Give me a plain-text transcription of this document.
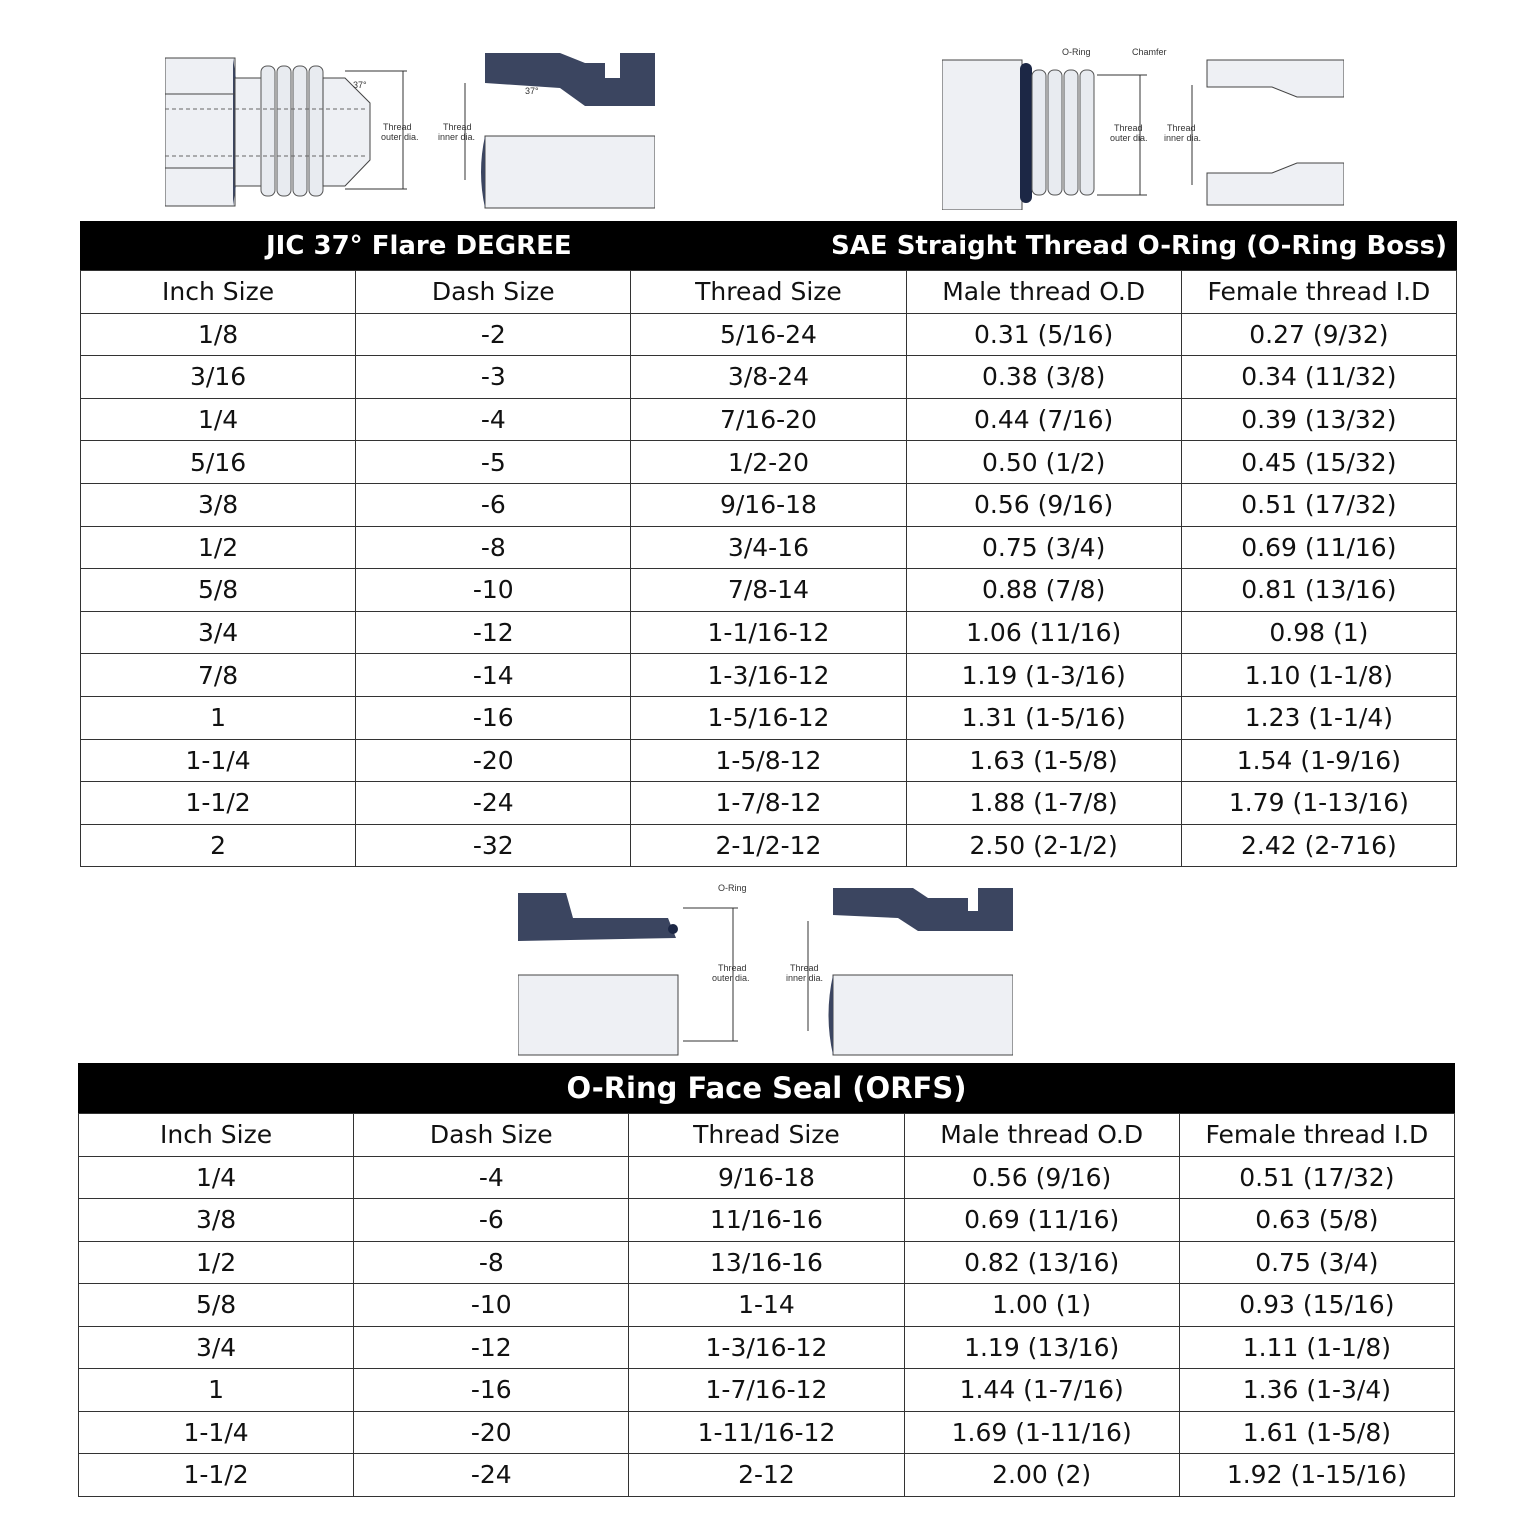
37°
Thread
outer dia.
37°
Thread
inner dia.
O-Ring
Thread
outer dia.
Chamfer
Thread
inner dia.
JIC 37° Flare DEGREE	SAE Straight Thread O-Ring (O-Ring Boss)
Inch Size	Dash Size	Thread Size	Male thread O.D	Female thread I.D
1/8	-2	5/16-24	0.31 (5/16)	0.27 (9/32)
3/16	-3	3/8-24	0.38 (3/8)	0.34 (11/32)
1/4	-4	7/16-20	0.44 (7/16)	0.39 (13/32)
5/16	-5	1/2-20	0.50 (1/2)	0.45 (15/32)
3/8	-6	9/16-18	0.56 (9/16)	0.51 (17/32)
1/2	-8	3/4-16	0.75 (3/4)	0.69 (11/16)
5/8	-10	7/8-14	0.88 (7/8)	0.81 (13/16)
3/4	-12	1-1/16-12	1.06 (11/16)	0.98 (1)
7/8	-14	1-3/16-12	1.19 (1-3/16)	1.10 (1-1/8)
1	-16	1-5/16-12	1.31 (1-5/16)	1.23 (1-1/4)
1-1/4	-20	1-5/8-12	1.63 (1-5/8)	1.54 (1-9/16)
1-1/2	-24	1-7/8-12	1.88 (1-7/8)	1.79 (1-13/16)
2	-32	2-1/2-12	2.50 (2-1/2)	2.42 (2-716)
O-Ring
Thread
outer dia.
Thread
inner dia.
O-Ring Face Seal (ORFS)
Inch Size	Dash Size	Thread Size	Male thread O.D	Female thread I.D
1/4	-4	9/16-18	0.56 (9/16)	0.51 (17/32)
3/8	-6	11/16-16	0.69 (11/16)	0.63 (5/8)
1/2	-8	13/16-16	0.82 (13/16)	0.75 (3/4)
5/8	-10	1-14	1.00 (1)	0.93 (15/16)
3/4	-12	1-3/16-12	1.19 (13/16)	1.11 (1-1/8)
1	-16	1-7/16-12	1.44 (1-7/16)	1.36 (1-3/4)
1-1/4	-20	1-11/16-12	1.69 (1-11/16)	1.61 (1-5/8)
1-1/2	-24	2-12	2.00 (2)	1.92 (1-15/16)
